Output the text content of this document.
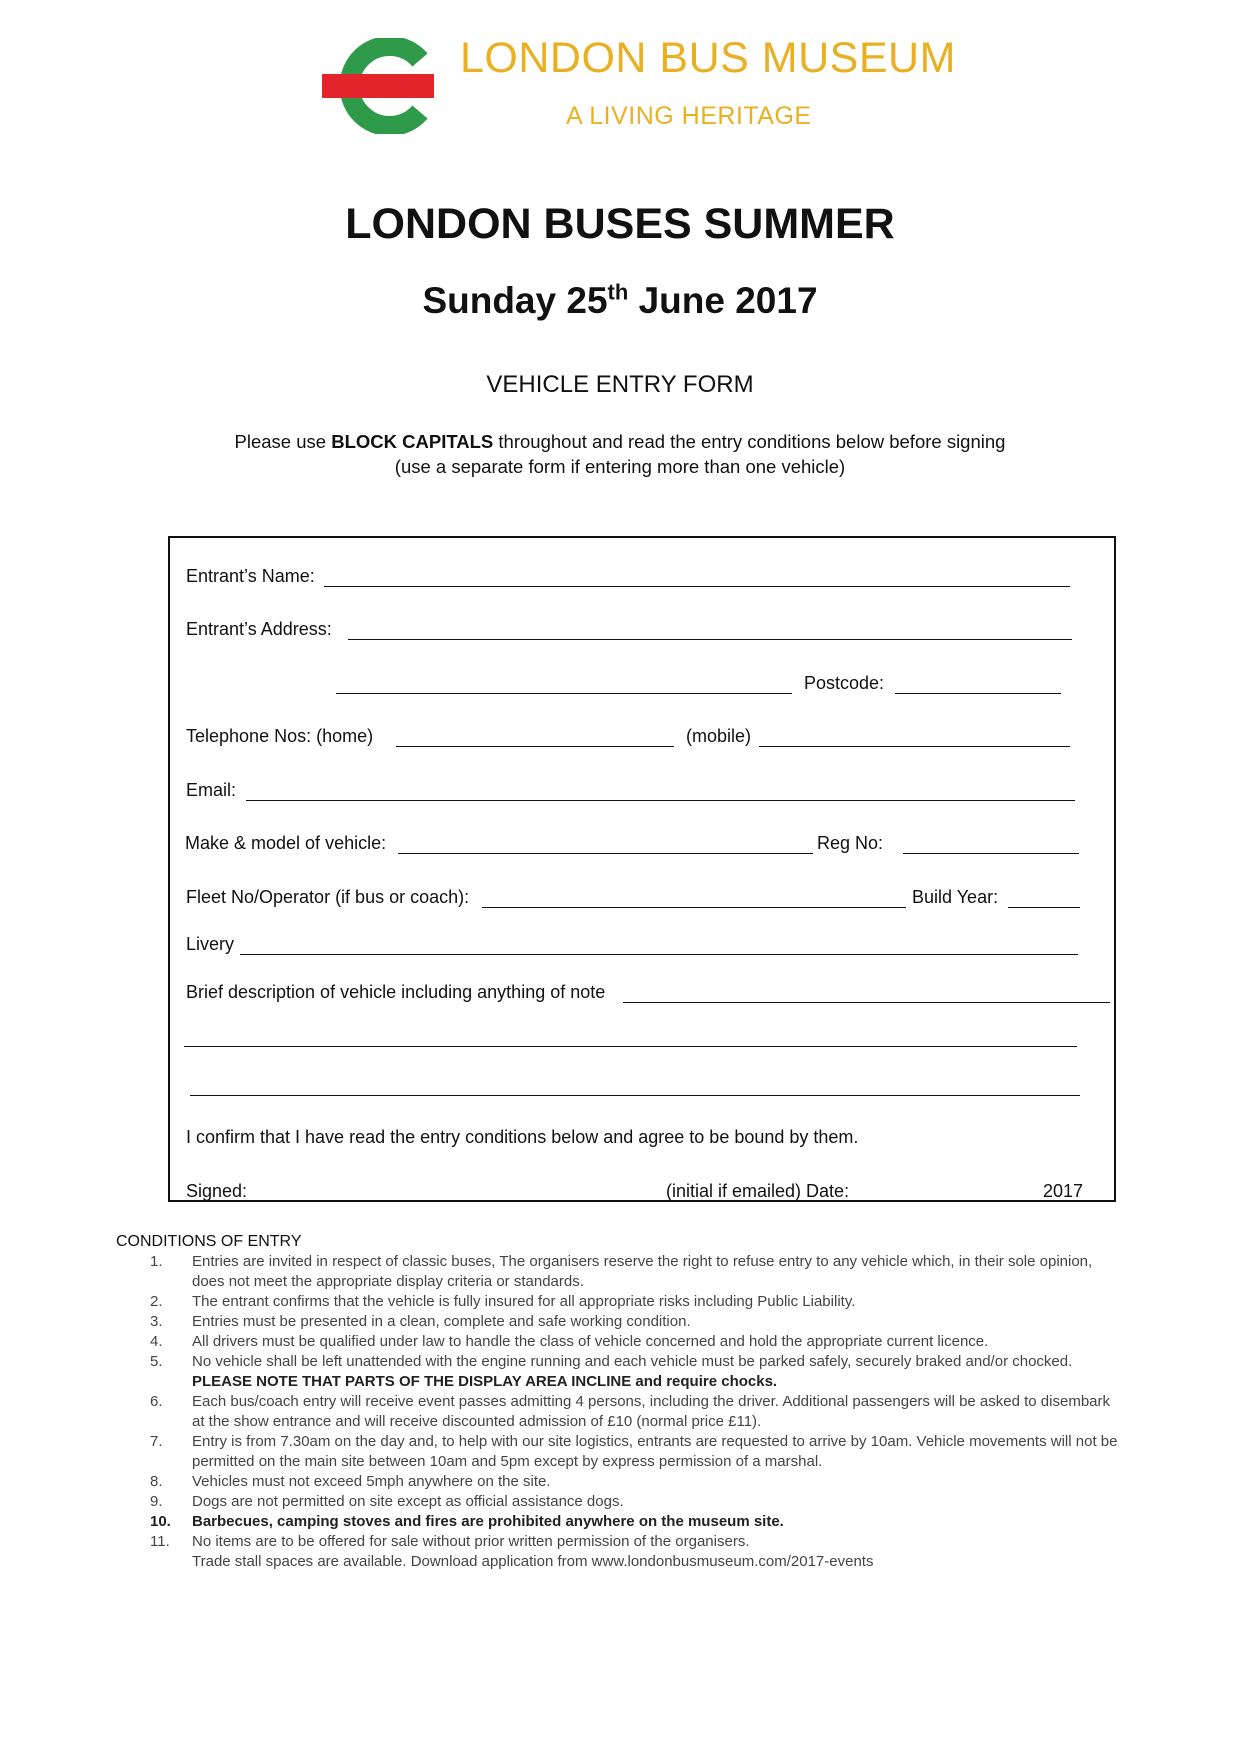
LONDON BUS MUSEUM
A LIVING HERITAGE
LONDON BUSES SUMMER
Sunday 25th June 2017
VEHICLE ENTRY FORM
Please use BLOCK CAPITALS throughout and read the entry conditions below before signing
(use a separate form if entering more than one vehicle)
Entrant’s Name:
Entrant’s Address:
Postcode:
Telephone Nos: (home)	(mobile)
Email:
Make & model of vehicle:	Reg No:
Fleet No/Operator (if bus or coach):	Build Year:
Livery
Brief description of vehicle including anything of note
I confirm that I have read the entry conditions below and agree to be bound by them.
Signed:	(initial if emailed) Date:	2017
CONDITIONS OF ENTRY
1.	Entries are invited in respect of classic buses, The organisers reserve the right to refuse entry to any vehicle which, in their sole opinion, does not meet the appropriate display criteria or standards.
2.	The entrant confirms that the vehicle is fully insured for all appropriate risks including Public Liability.
3.	Entries must be presented in a clean, complete and safe working condition.
4.	All drivers must be qualified under law to handle the class of vehicle concerned and hold the appropriate current licence.
5.	No vehicle shall be left unattended with the engine running and each vehicle must be parked safely, securely braked and/or chocked. PLEASE NOTE THAT PARTS OF THE DISPLAY AREA INCLINE and require chocks.
6.	Each bus/coach entry will receive event passes admitting 4 persons, including the driver. Additional passengers will be asked to disembark at the show entrance and will receive discounted admission of £10 (normal price £11).
7.	Entry is from 7.30am on the day and, to help with our site logistics, entrants are requested to arrive by 10am. Vehicle movements will not be permitted on the main site between 10am and 5pm except by express permission of a marshal.
8.	Vehicles must not exceed 5mph anywhere on the site.
9.	Dogs are not permitted on site except as official assistance dogs.
10.	Barbecues, camping stoves and fires are prohibited anywhere on the museum site.
11.	No items are to be offered for sale without prior written permission of the organisers.
Trade stall spaces are available. Download application from www.londonbusmuseum.com/2017-events
